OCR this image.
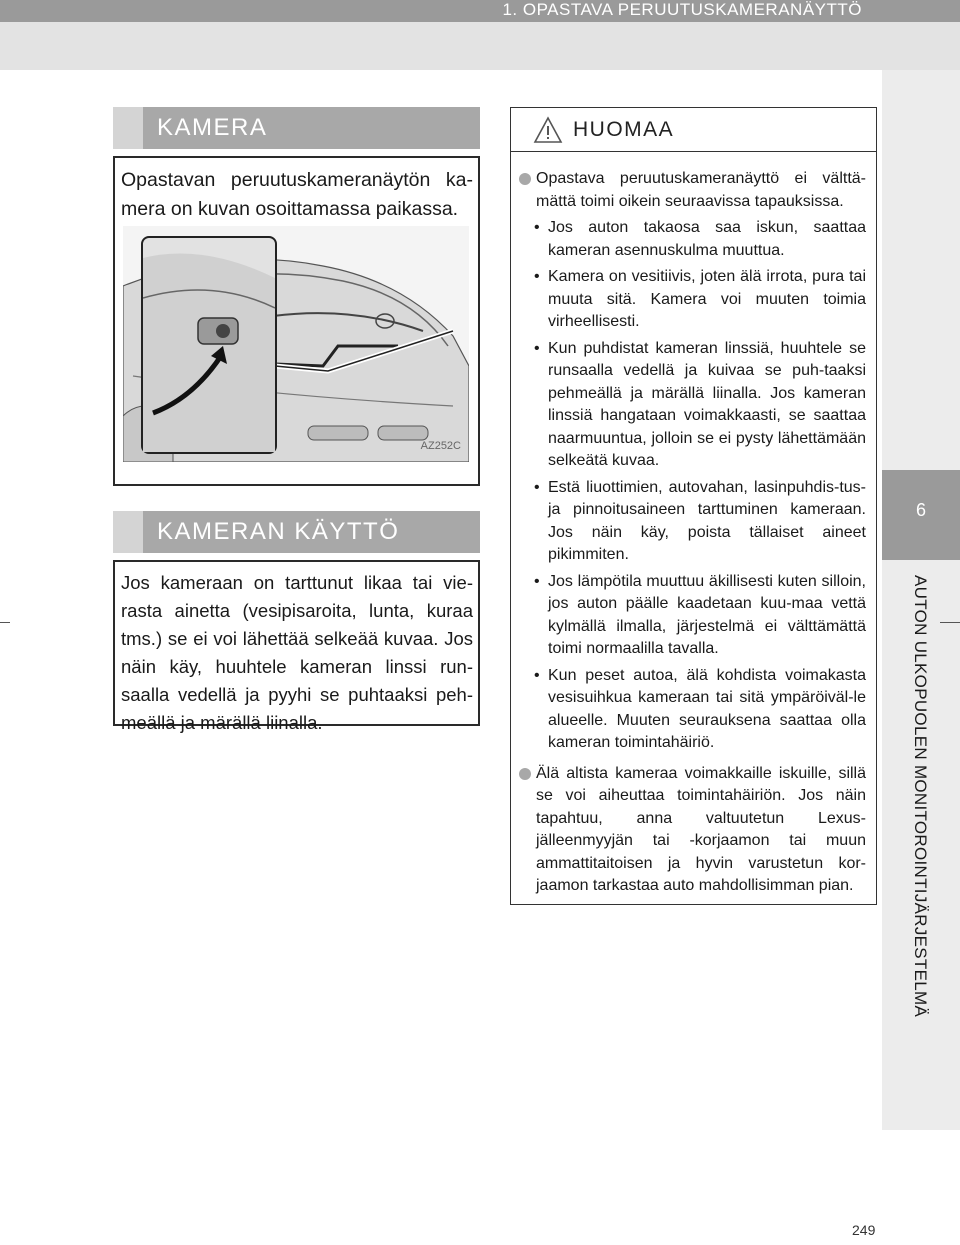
1. OPASTAVA PERUUTUSKAMERANÄYTTÖ
6
AUTON ULKOPUOLEN MONITOROINTIJÄRJESTELMÄ
KAMERA

Opastavan peruutuskameranäytön ka-mera on kuvan osoittamassa paikassa.

AZ252C
KAMERAN KÄYTTÖ

Jos kameraan on tarttunut likaa tai vie-rasta ainetta (vesipisaroita, lunta, kuraa tms.) se ei voi lähettää selkeää kuvaa. Jos näin käy, huuhtele kameran linssi run-saalla vedellä ja pyyhi se puhtaaksi peh-meällä ja märällä liinalla.

HUOMAA
Opastava peruutuskameranäyttö ei välttä-mättä toimi oikein seuraavissa tapauksissa.
• Jos auton takaosa saa iskun, saattaa kameran asennuskulma muuttua.
• Kamera on vesitiivis, joten älä irrota, pura tai muuta sitä. Kamera voi muuten toimia virheellisesti.
• Kun puhdistat kameran linssiä, huuhtele se runsaalla vedellä ja kuivaa se puh-taaksi pehmeällä ja märällä liinalla. Jos kameran linssiä hangataan voimakkaasti, se saattaa naarmuuntua, jolloin se ei pysty lähettämään selkeätä kuvaa.
• Estä liuottimien, autovahan, lasinpuhdis-tus- ja pinnoitusaineen tarttuminen kameraan. Jos näin käy, poista tällaiset aineet pikimmiten.
• Jos lämpötila muuttuu äkillisesti kuten silloin, jos auton päälle kaadetaan kuu-maa vettä kylmällä ilmalla, järjestelmä ei välttämättä toimi normaalilla tavalla.
• Kun peset autoa, älä kohdista voimakasta vesisuihkua kameraan tai sitä ympäröiväl-le alueelle. Muuten seurauksena saattaa olla kameran toimintahäiriö.
Älä altista kameraa voimakkaille iskuille, sillä se voi aiheuttaa toimintahäiriön. Jos näin tapahtuu, anna valtuutetun Lexus-jälleenmyyjän tai -korjaamon tai muun ammattitaitoisen ja hyvin varustetun kor-jaamon tarkastaa auto mahdollisimman pian.
249
